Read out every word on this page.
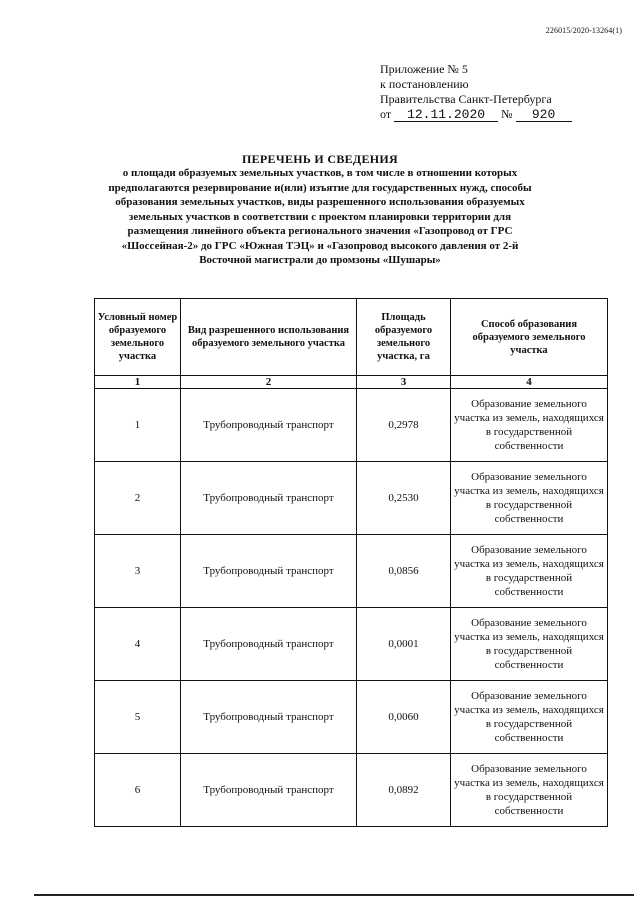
226015/2020-13264(1)
Приложение № 5
к постановлению
Правительства Санкт-Петербурга
от 12.11.2020 № 920
ПЕРЕЧЕНЬ И СВЕДЕНИЯ
о площади образуемых земельных участков, в том числе в отношении которых предполагаются резервирование и(или) изъятие для государственных нужд, способы образования земельных участков, виды разрешенного использования образуемых земельных участков в соответствии с проектом планировки территории для размещения линейного объекта регионального значения «Газопровод от ГРС «Шоссейная-2» до ГРС «Южная ТЭЦ» и «Газопровод высокого давления от 2-й Восточной магистрали до промзоны «Шушары»
Условный номер образуемого земельного участка	Вид разрешенного использования образуемого земельного участка	Площадь образуемого земельного участка, га	Способ образования образуемого земельного участка
1	2	3	4
1	Трубопроводный транспорт	0,2978	Образование земельного участка из земель, находящихся в государственной собственности
2	Трубопроводный транспорт	0,2530	Образование земельного участка из земель, находящихся в государственной собственности
3	Трубопроводный транспорт	0,0856	Образование земельного участка из земель, находящихся в государственной собственности
4	Трубопроводный транспорт	0,0001	Образование земельного участка из земель, находящихся в государственной собственности
5	Трубопроводный транспорт	0,0060	Образование земельного участка из земель, находящихся в государственной собственности
6	Трубопроводный транспорт	0,0892	Образование земельного участка из земель, находящихся в государственной собственности
